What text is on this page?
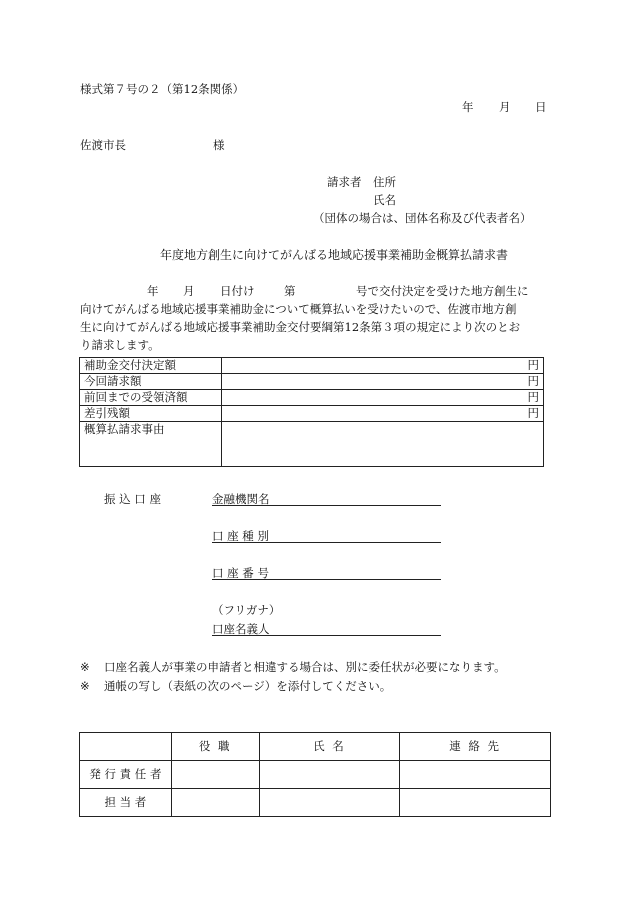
様式第７号の２（第12条関係）
年 月 日
佐渡市長	様
請求者 住所
氏名
（団体の場合は、団体名称及び代表者名）
年度地方創生に向けてがんばる地域応援事業補助金概算払請求書
年 月 日付け	第	号で交付決定を受けた地方創生に
向けてがんばる地域応援事業補助金について概算払いを受けたいので、佐渡市地方創
生に向けてがんばる地域応援事業補助金交付要綱第12条第３項の規定により次のとお
り請求します。
補助金交付決定額	円
今回請求額	円
前回までの受領済額	円
差引残額	円
概算払請求事由	
振 込 口 座	金融機関名
口 座 種 別
口 座 番 号
（フリガナ）
口座名義人
※ 口座名義人が事業の申請者と相違する場合は、別に委任状が必要になります。
※ 通帳の写し（表紙の次のページ）を添付してください。
	役 職	氏 名	連 絡 先
発 行 責 任 者			
担 当 者			
